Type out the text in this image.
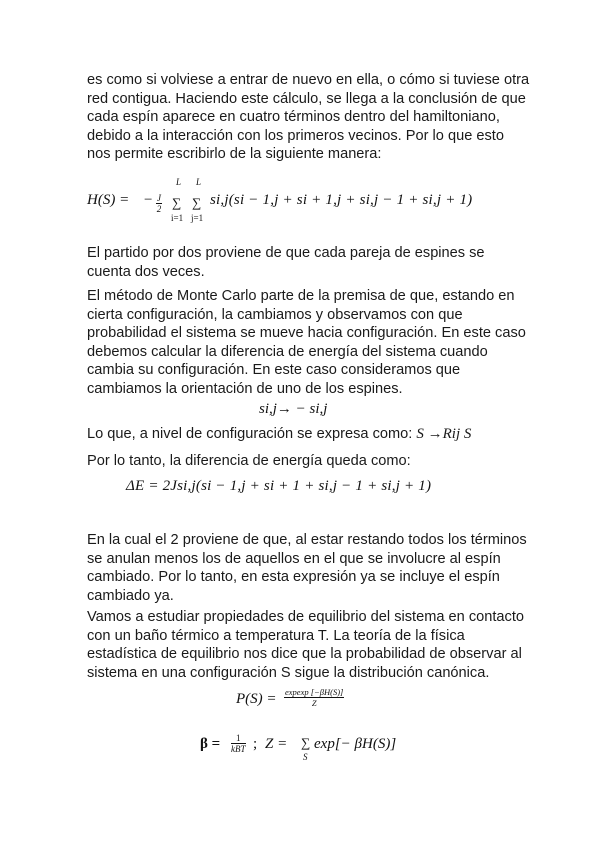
es como si volviese a entrar de nuevo en ella, o cómo si tuviese otra
red contigua. Haciendo este cálculo, se llega a la conclusión de que
cada espín aparece en cuatro términos dentro del hamiltoniano,
debido a la interacción con los primeros vecinos. Por lo que esto
nos permite escribirlo de la siguiente manera:
H(S) = − $\frac{J}{2}$
L
∑
i=1
L
∑
j=1
si,j(si − 1,j + si + 1,j + si,j − 1 + si,j + 1)
El partido por dos proviene de que cada pareja de espines se
cuenta dos veces.
El método de Monte Carlo parte de la premisa de que, estando en
cierta configuración, la cambiamos y observamos con que
probabilidad el sistema se mueve hacia configuración. En este caso
debemos calcular la diferencia de energía del sistema cuando
cambia su configuración. En este caso consideramos que
cambiamos la orientación de uno de los espines.
si,j→ − si,j
Lo que, a nivel de configuración se expresa como: S →Rij S
Por lo tanto, la diferencia de energía queda como:
ΔE = 2Jsi,j(si − 1,j + si + 1 + si,j − 1 + si,j + 1)
En la cual el 2 proviene de que, al estar restando todos los términos
se anulan menos los de aquellos en el que se involucre al espín
cambiado. Por lo tanto, en esta expresión ya se incluye el espín
cambiado ya.
Vamos a estudiar propiedades de equilibrio del sistema en contacto
con un baño térmico a temperatura T. La teoría de la física
estadística de equilibrio nos dice que la probabilidad de observar al
sistema en una configuración S sigue la distribución canónica.
$P(S) = \frac{\text{expexp [−βH(S)]}}{Z}$
$\beta = \frac{1}{\text{kBT}}$ ; Z = ∑
S
exp[− βH(S)]
